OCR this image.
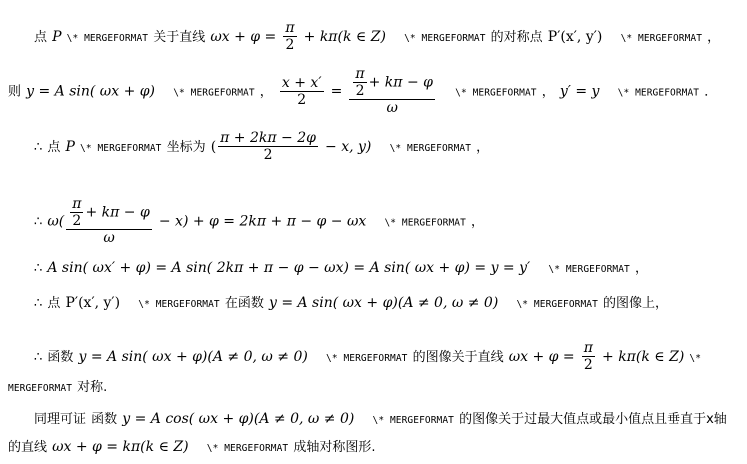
点 P \* MERGEFORMAT 关于直线 $\omega x + \varphi = \frac{\pi}{2} + k\pi(k$ ∈ Z) \* MERGEFORMAT 的对称点 P′(x′, y′) \* MERGEFORMAT ，
则 y = A sin( ωx + φ) \* MERGEFORMAT ， $\frac{x + x'}{2} = \frac{\frac{\pi}{2} + k\pi - \varphi}{\omega}$ \* MERGEFORMAT ， y′ = y \* MERGEFORMAT ．
∴ 点 P \* MERGEFORMAT 坐标为 ( $\frac{\pi + 2k\pi - 2\varphi}{2} - x$, y) \* MERGEFORMAT ，
∴ $\omega( \frac{\frac{\pi}{2} + k\pi - \varphi}{\omega} - x) + \varphi = 2k\pi + \pi - \varphi - \omega x$ \* MERGEFORMAT ，
∴ A sin( ωx′ + φ) = A sin( 2kπ + π − φ − ωx) = A sin( ωx + φ) = y = y′ \* MERGEFORMAT ，
∴ 点 P′(x′, y′) \* MERGEFORMAT 在函数 y = A sin( ωx + φ)(A ≠ 0, ω ≠ 0) \* MERGEFORMAT 的图像上，
∴ 函数 y = A sin( ωx + φ)(A ≠ 0, ω ≠ 0) \* MERGEFORMAT 的图像关于直线 $\omega x + \varphi = \frac{\pi}{2} + k\pi(k$ ∈ Z) \*
MERGEFORMAT 对称.
同理可证 函数 y = A cos( ωx + φ)(A ≠ 0, ω ≠ 0) \* MERGEFORMAT 的图像关于过最大值点或最小值点且垂直于x轴
的直线 ωx + φ = kπ(k ∈ Z) \* MERGEFORMAT 成轴对称图形.
